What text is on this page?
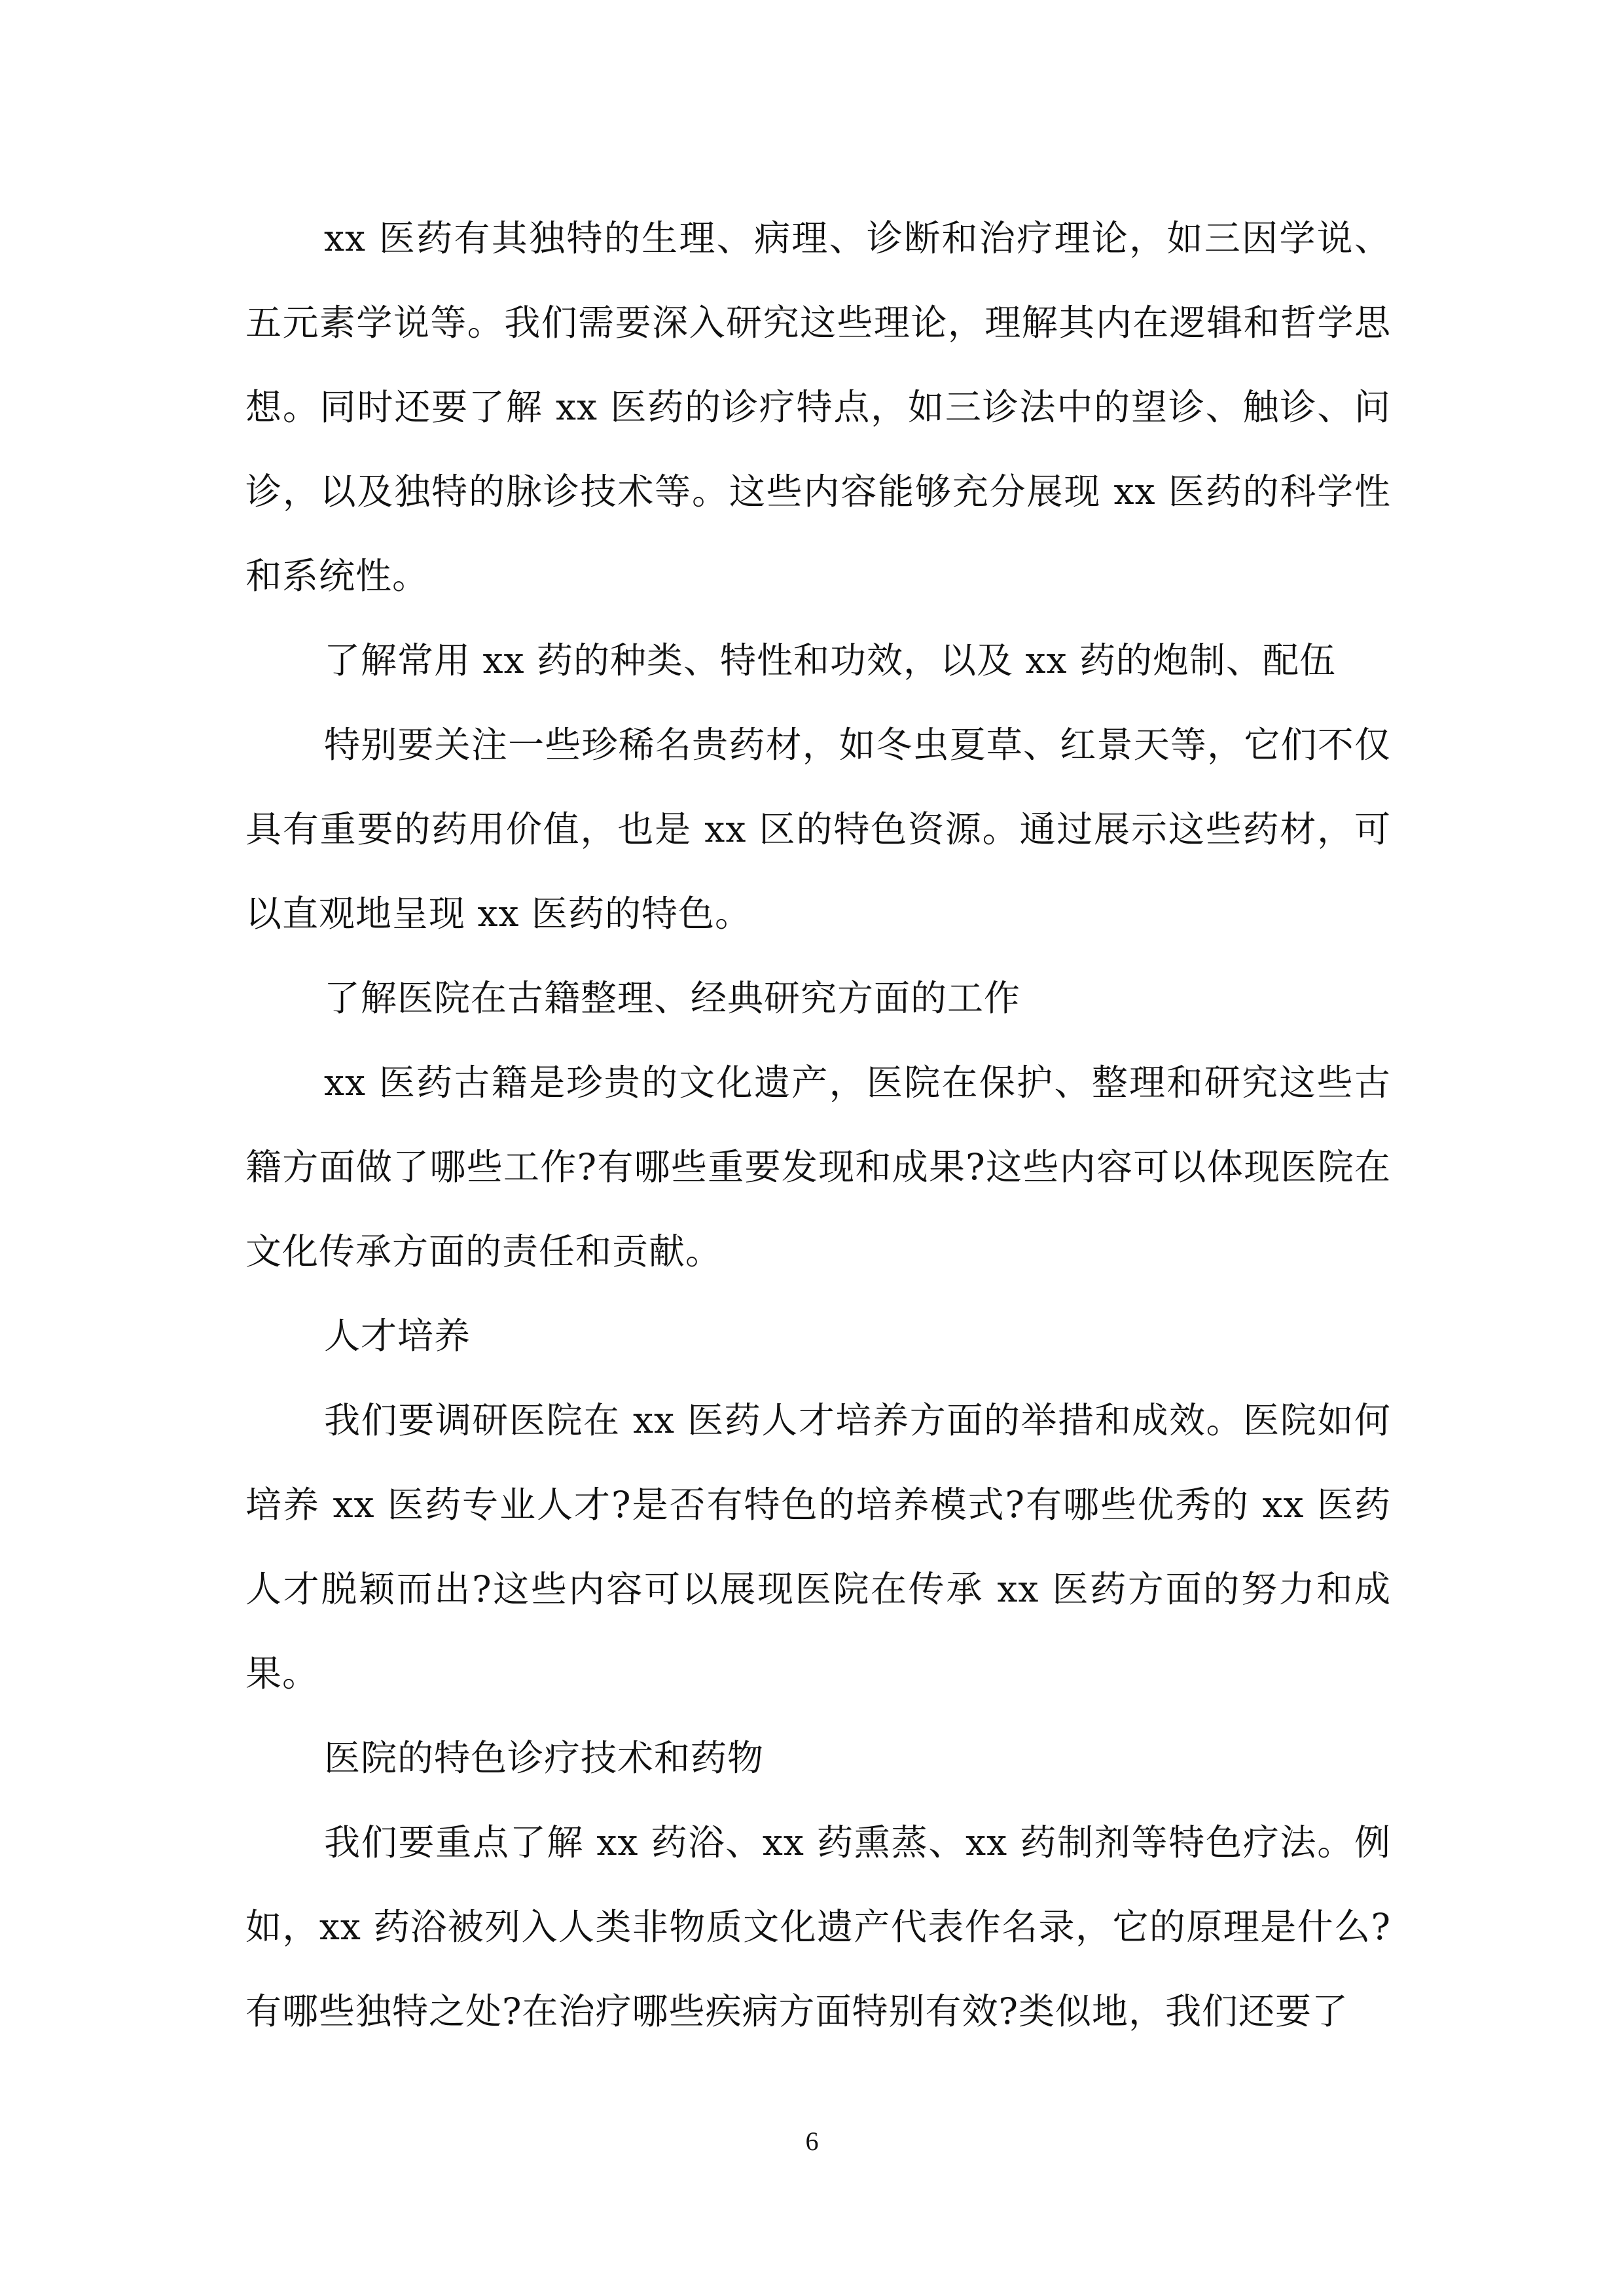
xx 医药有其独特的生理、病理、诊断和治疗理论，如三因学说、五元素学说等。我们需要深入研究这些理论，理解其内在逻辑和哲学思想。同时还要了解 xx 医药的诊疗特点，如三诊法中的望诊、触诊、问诊，以及独特的脉诊技术等。这些内容能够充分展现 xx 医药的科学性和系统性。

了解常用 xx 药的种类、特性和功效，以及 xx 药的炮制、配伍

特别要关注一些珍稀名贵药材，如冬虫夏草、红景天等，它们不仅具有重要的药用价值，也是 xx 区的特色资源。通过展示这些药材，可以直观地呈现 xx 医药的特色。

了解医院在古籍整理、经典研究方面的工作

xx 医药古籍是珍贵的文化遗产，医院在保护、整理和研究这些古籍方面做了哪些工作?有哪些重要发现和成果?这些内容可以体现医院在文化传承方面的责任和贡献。

人才培养

我们要调研医院在 xx 医药人才培养方面的举措和成效。医院如何培养 xx 医药专业人才?是否有特色的培养模式?有哪些优秀的 xx 医药人才脱颖而出?这些内容可以展现医院在传承 xx 医药方面的努力和成果。

医院的特色诊疗技术和药物

我们要重点了解 xx 药浴、xx 药熏蒸、xx 药制剂等特色疗法。例如，xx 药浴被列入人类非物质文化遗产代表作名录，它的原理是什么?有哪些独特之处?在治疗哪些疾病方面特别有效?类似地，我们还要了

6
